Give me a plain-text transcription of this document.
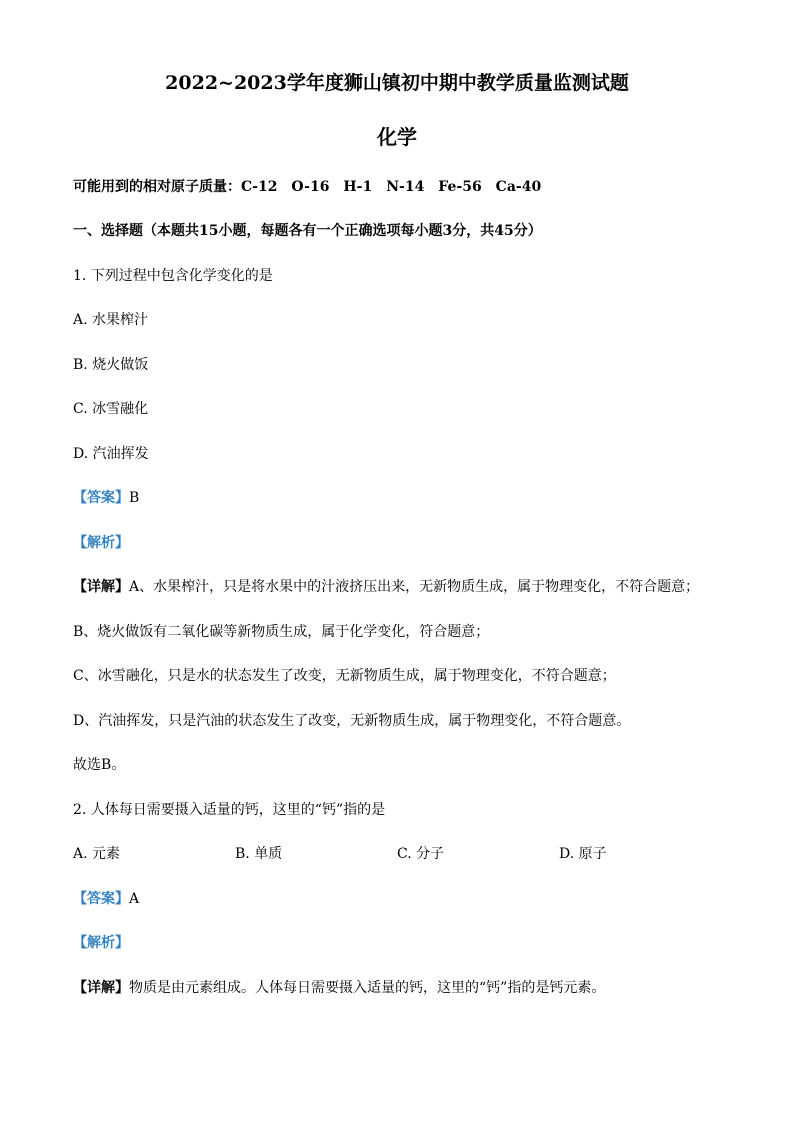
2022~2023学年度狮山镇初中期中教学质量监测试题
化学
可能用到的相对原子质量：C-12　O-16　H-1　N-14　Fe-56　Ca-40
一、选择题（本题共15小题，每题各有一个正确选项每小题3分，共45分）
1. 下列过程中包含化学变化的是
A. 水果榨汁
B. 烧火做饭
C. 冰雪融化
D. 汽油挥发
【答案】B
【解析】
【详解】A、水果榨汁，只是将水果中的汁液挤压出来，无新物质生成，属于物理变化，不符合题意；
B、烧火做饭有二氧化碳等新物质生成，属于化学变化，符合题意；
C、冰雪融化，只是水的状态发生了改变，无新物质生成，属于物理变化，不符合题意；
D、汽油挥发，只是汽油的状态发生了改变，无新物质生成，属于物理变化，不符合题意。
故选B。
2. 人体每日需要摄入适量的钙，这里的“钙”指的是
A. 元素	B. 单质	C. 分子	D. 原子
【答案】A
【解析】
【详解】物质是由元素组成。人体每日需要摄入适量的钙，这里的“钙”指的是钙元素。
